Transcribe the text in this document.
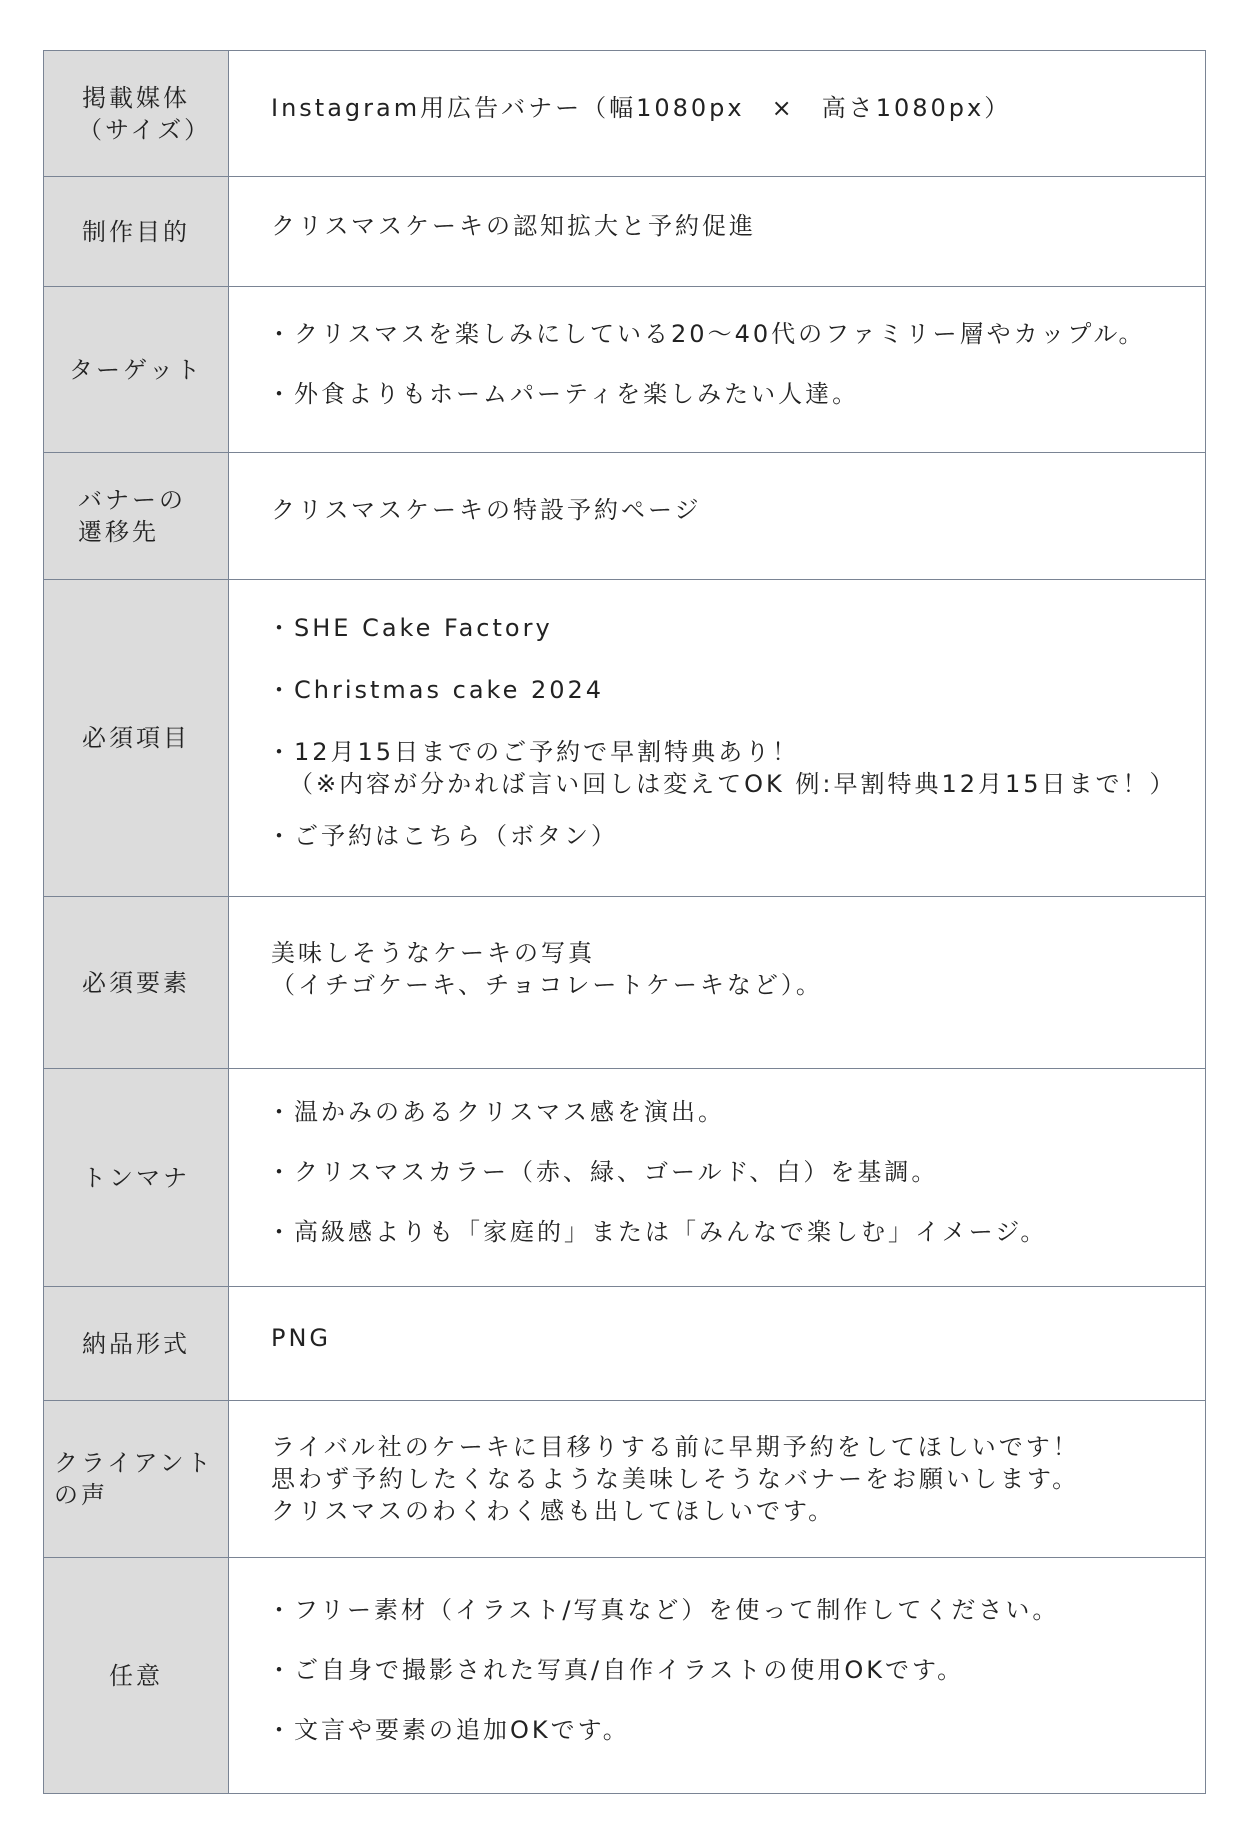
掲載媒体
（サイズ）	Instagram用広告バナー（幅1080px　×　高さ1080px）

制作目的	クリスマスケーキの認知拡大と予約促進

ターゲット	・クリスマスを楽しみにしている20〜40代のファミリー層やカップル。
・外食よりもホームパーティを楽しみたい人達。

バナーの
遷移先	クリスマスケーキの特設予約ページ

必須項目	・SHE Cake Factory
・Christmas cake 2024
・12月15日までのご予約で早割特典あり！
（※内容が分かれば言い回しは変えてOK 例:早割特典12月15日まで！）
・ご予約はこちら（ボタン）

必須要素	美味しそうなケーキの写真
（イチゴケーキ、チョコレートケーキなど）。

トンマナ	・温かみのあるクリスマス感を演出。
・クリスマスカラー（赤、緑、ゴールド、白）を基調。
・高級感よりも「家庭的」または「みんなで楽しむ」イメージ。

納品形式	PNG

クライアント
の声	ライバル社のケーキに目移りする前に早期予約をしてほしいです！
思わず予約したくなるような美味しそうなバナーをお願いします。
クリスマスのわくわく感も出してほしいです。

任意	・フリー素材（イラスト/写真など）を使って制作してください。
・ご自身で撮影された写真/自作イラストの使用OKです。
・文言や要素の追加OKです。
